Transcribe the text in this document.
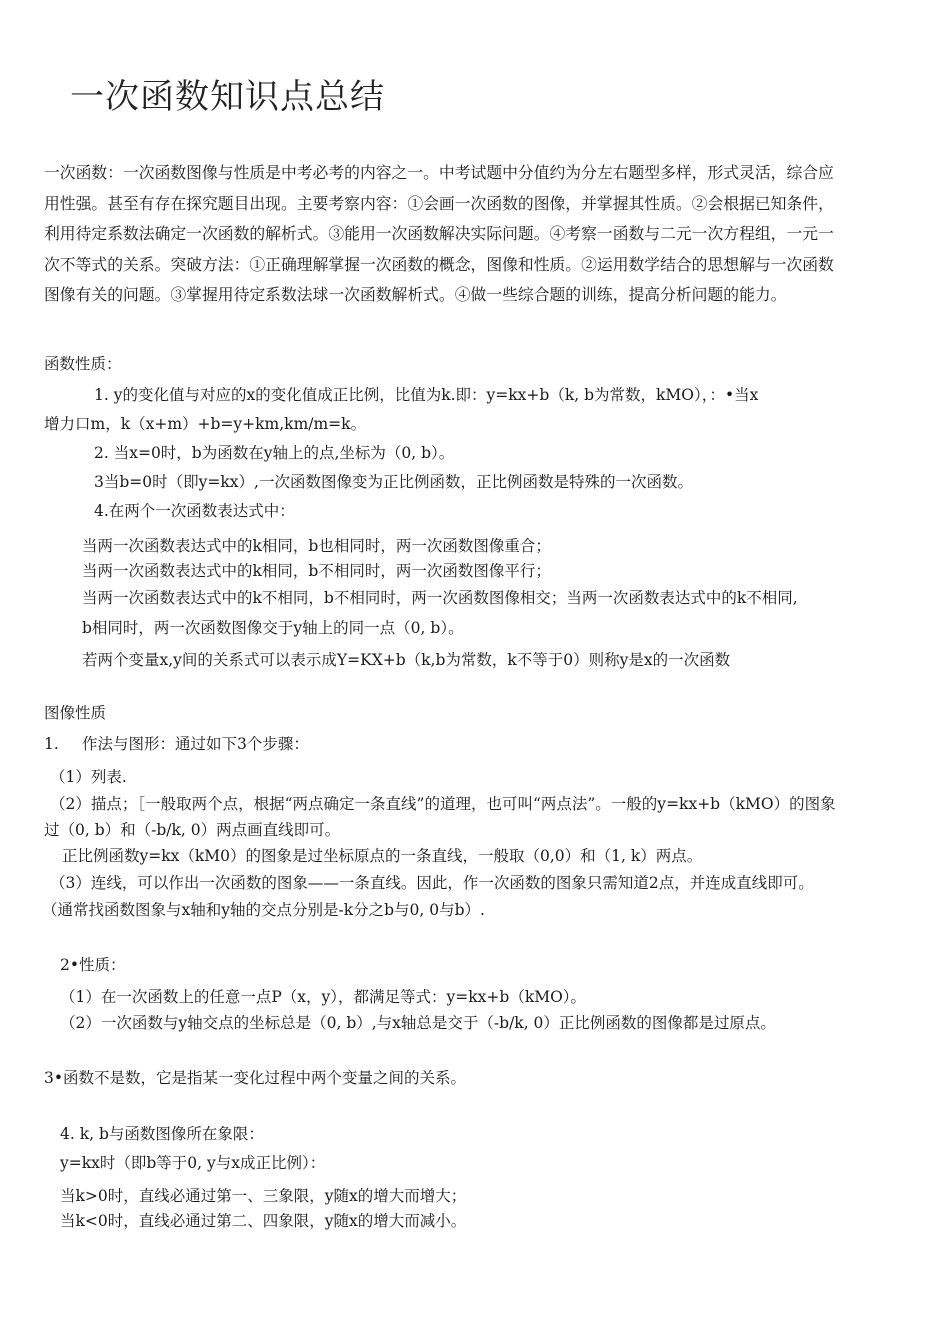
一次函数知识点总结

一次函数：一次函数图像与性质是中考必考的内容之一。中考试题中分值约为分左右题型多样，形式灵活，综合应

用性强。甚至有存在探究题目出现。主要考察内容：①会画一次函数的图像，并掌握其性质。②会根据已知条件，

利用待定系数法确定一次函数的解析式。③能用一次函数解决实际问题。④考察一函数与二元一次方程组，一元一

次不等式的关系。突破方法：①正确理解掌握一次函数的概念，图像和性质。②运用数学结合的思想解与一次函数

图像有关的问题。③掌握用待定系数法球一次函数解析式。④做一些综合题的训练，提高分析问题的能力。

函数性质：
1. y的变化值与对应的x的变化值成正比例，比值为k.即：y=kx+b（k, b为常数，kMO），：•当x
增力口m，k（x+m）+b=y+km,km/m=k。
2. 当x=0时，b为函数在y轴上的点,坐标为（0, b）。
3当b=0时（即y=kx）,一次函数图像变为正比例函数，正比例函数是特殊的一次函数。
4.在两个一次函数表达式中：
当两一次函数表达式中的k相同，b也相同时，两一次函数图像重合；
当两一次函数表达式中的k相同，b不相同时，两一次函数图像平行；
当两一次函数表达式中的k不相同，b不相同时，两一次函数图像相交；当两一次函数表达式中的k不相同,
b相同时，两一次函数图像交于y轴上的同一点（0, b）。
若两个变量x,y间的关系式可以表示成Y=KX+b（k,b为常数，k不等于0）则称y是x的一次函数
图像性质
1. 作法与图形：通过如下3个步骤：
（1）列表.
（2）描点；［一般取两个点，根据“两点确定一条直线”的道理，也可叫“两点法”。一般的y=kx+b（kMO）的图象
过（0, b）和（-b/k, 0）两点画直线即可。
正比例函数y=kx（kM0）的图象是过坐标原点的一条直线，一般取（0,0）和（1, k）两点。
（3）连线，可以作出一次函数的图象——一条直线。因此，作一次函数的图象只需知道2点，并连成直线即可。
（通常找函数图象与x轴和y轴的交点分别是-k分之b与0, 0与b）.
2•性质：
（1）在一次函数上的任意一点P（x，y），都满足等式：y=kx+b（kMO）。
（2）一次函数与y轴交点的坐标总是（0, b）,与x轴总是交于（-b/k, 0）正比例函数的图像都是过原点。
3•函数不是数，它是指某一变化过程中两个变量之间的关系。
4. k, b与函数图像所在象限：
y=kx时（即b等于0, y与x成正比例）：
当k>0时，直线必通过第一、三象限，y随x的增大而增大；
当k<0时，直线必通过第二、四象限，y随x的增大而减小。
